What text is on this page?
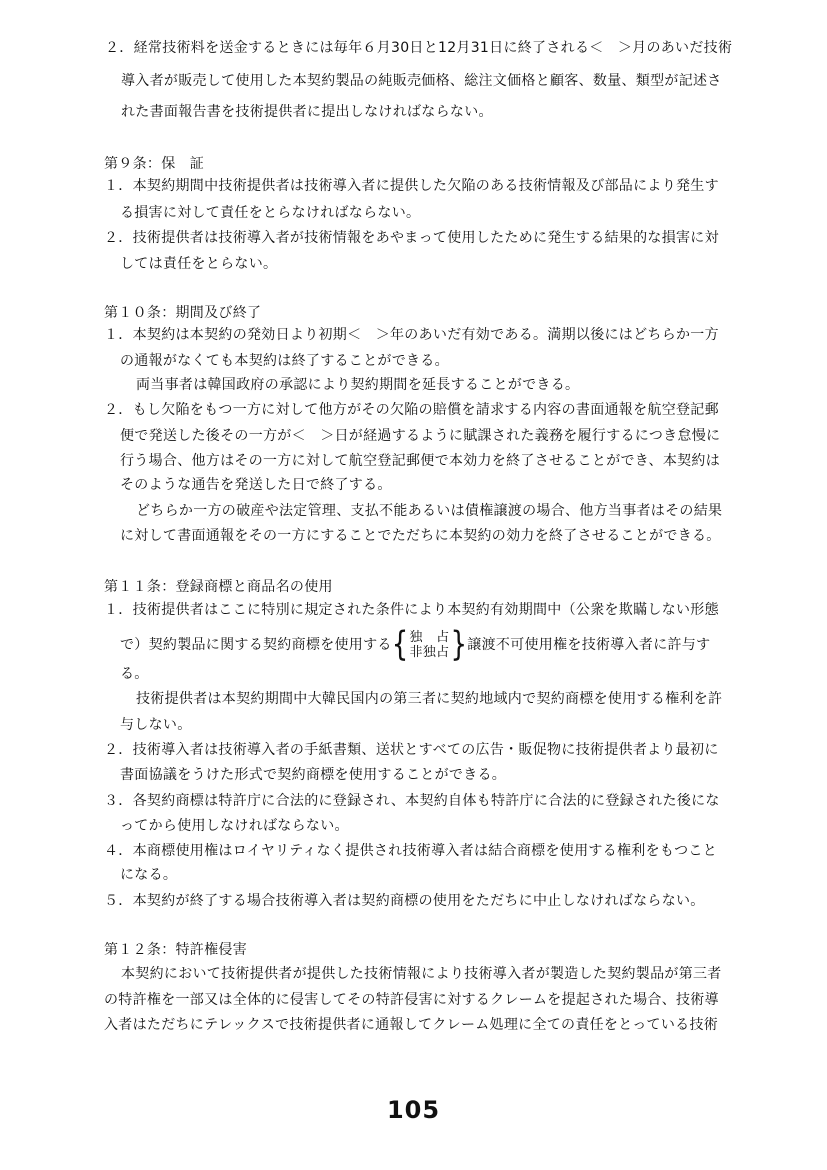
２．経常技術料を送金するときには毎年６月30日と12月31日に終了される＜　＞月のあいだ技術
導入者が販売して使用した本契約製品の純販売価格、総注文価格と顧客、数量、類型が記述さ
れた書面報告書を技術提供者に提出しなければならない。
第９条：保　証
１．本契約期間中技術提供者は技術導入者に提供した欠陥のある技術情報及び部品により発生す
る損害に対して責任をとらなければならない。
２．技術提供者は技術導入者が技術情報をあやまって使用したために発生する結果的な損害に対
しては責任をとらない。
第１０条：期間及び終了
１．本契約は本契約の発効日より初期＜　＞年のあいだ有効である。満期以後にはどちらか一方
の通報がなくても本契約は終了することができる。
両当事者は韓国政府の承認により契約期間を延長することができる。
２．もし欠陥をもつ一方に対して他方がその欠陥の賠償を請求する内容の書面通報を航空登記郵
便で発送した後その一方が＜　＞日が経過するように賦課された義務を履行するにつき怠慢に
行う場合、他方はその一方に対して航空登記郵便で本効力を終了させることができ、本契約は
そのような通告を発送した日で終了する。
どちらか一方の破産や法定管理、支払不能あるいは債権譲渡の場合、他方当事者はその結果
に対して書面通報をその一方にすることでただちに本契約の効力を終了させることができる。
第１１条：登録商標と商品名の使用
１．技術提供者はここに特別に規定された条件により本契約有効期間中（公衆を欺瞞しない形態
で）契約製品に関する契約商標を使用する{ 独　占
非独占 }譲渡不可使用権を技術導入者に許与す
る。
技術提供者は本契約期間中大韓民国内の第三者に契約地域内で契約商標を使用する権利を許
与しない。
２．技術導入者は技術導入者の手紙書類、送状とすべての広告・販促物に技術提供者より最初に
書面協議をうけた形式で契約商標を使用することができる。
３．各契約商標は特許庁に合法的に登録され、本契約自体も特許庁に合法的に登録された後にな
ってから使用しなければならない。
４．本商標使用権はロイヤリティなく提供され技術導入者は結合商標を使用する権利をもつこと
になる。
５．本契約が終了する場合技術導入者は契約商標の使用をただちに中止しなければならない。
第１２条：特許権侵害
本契約において技術提供者が提供した技術情報により技術導入者が製造した契約製品が第三者
の特許権を一部又は全体的に侵害してその特許侵害に対するクレームを提起された場合、技術導
入者はただちにテレックスで技術提供者に通報してクレーム処理に全ての責任をとっている技術
105
